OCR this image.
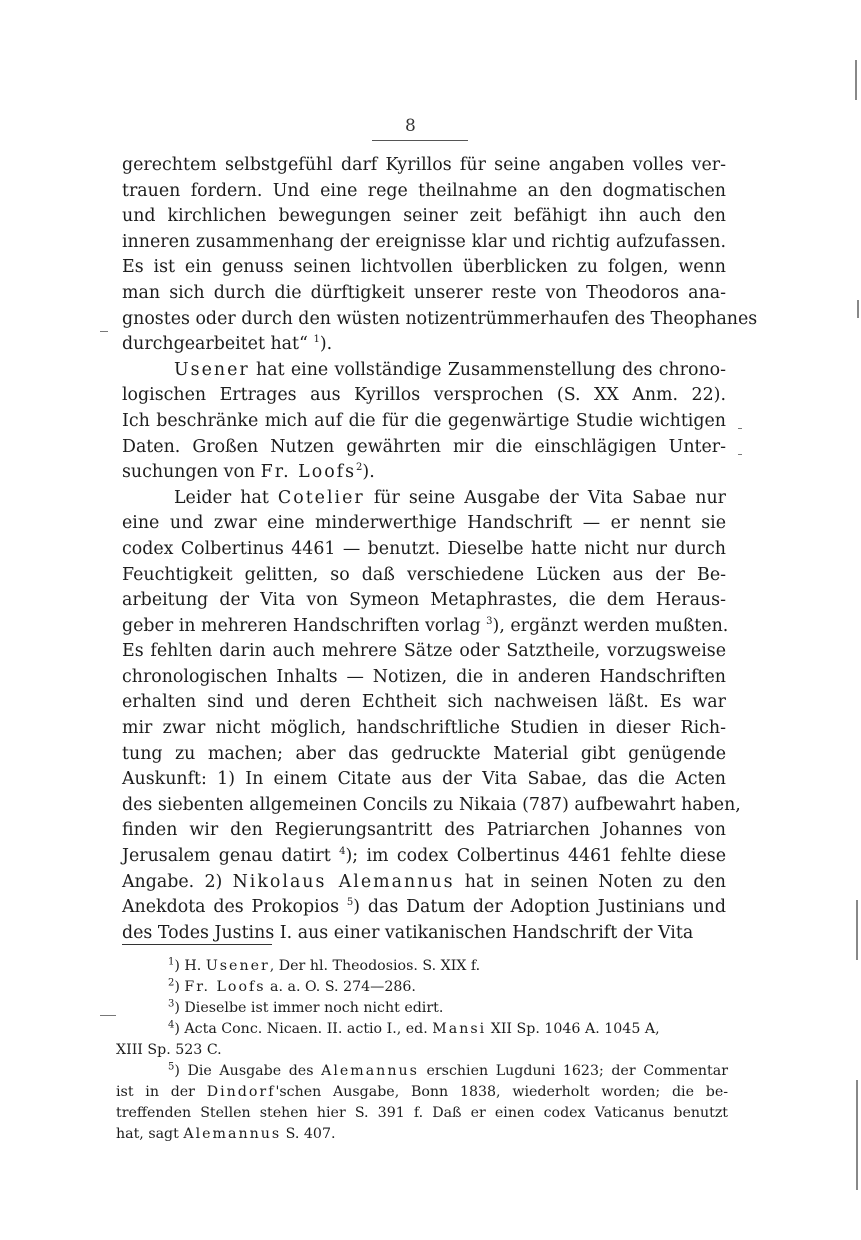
8
gerechtem selbstgefühl darf Kyrillos für seine angaben volles ver-
trauen fordern. Und eine rege theilnahme an den dogmatischen
und kirchlichen bewegungen seiner zeit befähigt ihn auch den
inneren zusammenhang der ereignisse klar und richtig aufzufassen.
Es ist ein genuss seinen lichtvollen überblicken zu folgen, wenn
man sich durch die dürftigkeit unserer reste von Theodoros ana-
gnostes oder durch den wüsten notizentrümmerhaufen des Theophanes
durchgearbeitet hat“ $^1$).
Usener hat eine vollständige Zusammenstellung des chrono-
logischen Ertrages aus Kyrillos versprochen (S. XX Anm. 22).
Ich beschränke mich auf die für die gegenwärtige Studie wichtigen
Daten. Großen Nutzen gewährten mir die einschlägigen Unter-
suchungen von Fr. Loofs$^2$).
Leider hat Cotelier für seine Ausgabe der Vita Sabae nur
eine und zwar eine minderwerthige Handschrift — er nennt sie
codex Colbertinus 4461 — benutzt. Dieselbe hatte nicht nur durch
Feuchtigkeit gelitten, so daß verschiedene Lücken aus der Be-
arbeitung der Vita von Symeon Metaphrastes, die dem Heraus-
geber in mehreren Handschriften vorlag $^3$), ergänzt werden mußten.
Es fehlten darin auch mehrere Sätze oder Satztheile, vorzugsweise
chronologischen Inhalts — Notizen, die in anderen Handschriften
erhalten sind und deren Echtheit sich nachweisen läßt. Es war
mir zwar nicht möglich, handschriftliche Studien in dieser Rich-
tung zu machen; aber das gedruckte Material gibt genügende
Auskunft: 1) In einem Citate aus der Vita Sabae, das die Acten
des siebenten allgemeinen Concils zu Nikaia (787) aufbewahrt haben,
finden wir den Regierungsantritt des Patriarchen Johannes von
Jerusalem genau datirt $^4$); im codex Colbertinus 4461 fehlte diese
Angabe. 2) Nikolaus Alemannus hat in seinen Noten zu den
Anekdota des Prokopios $^5$) das Datum der Adoption Justinians und
des Todes Justins I. aus einer vatikanischen Handschrift der Vita
$^1$) H. Usener, Der hl. Theodosios. S. XIX f.
$^2$) Fr. Loofs a. a. O. S. 274—286.
$^3$) Dieselbe ist immer noch nicht edirt.
$^4$) Acta Conc. Nicaen. II. actio I., ed. Mansi XII Sp. 1046 A. 1045 A,
XIII Sp. 523 C.
$^5$) Die Ausgabe des Alemannus erschien Lugduni 1623; der Commentar
ist in der Dindorf'schen Ausgabe, Bonn 1838, wiederholt worden; die be-
treffenden Stellen stehen hier S. 391 f. Daß er einen codex Vaticanus benutzt
hat, sagt Alemannus S. 407.
